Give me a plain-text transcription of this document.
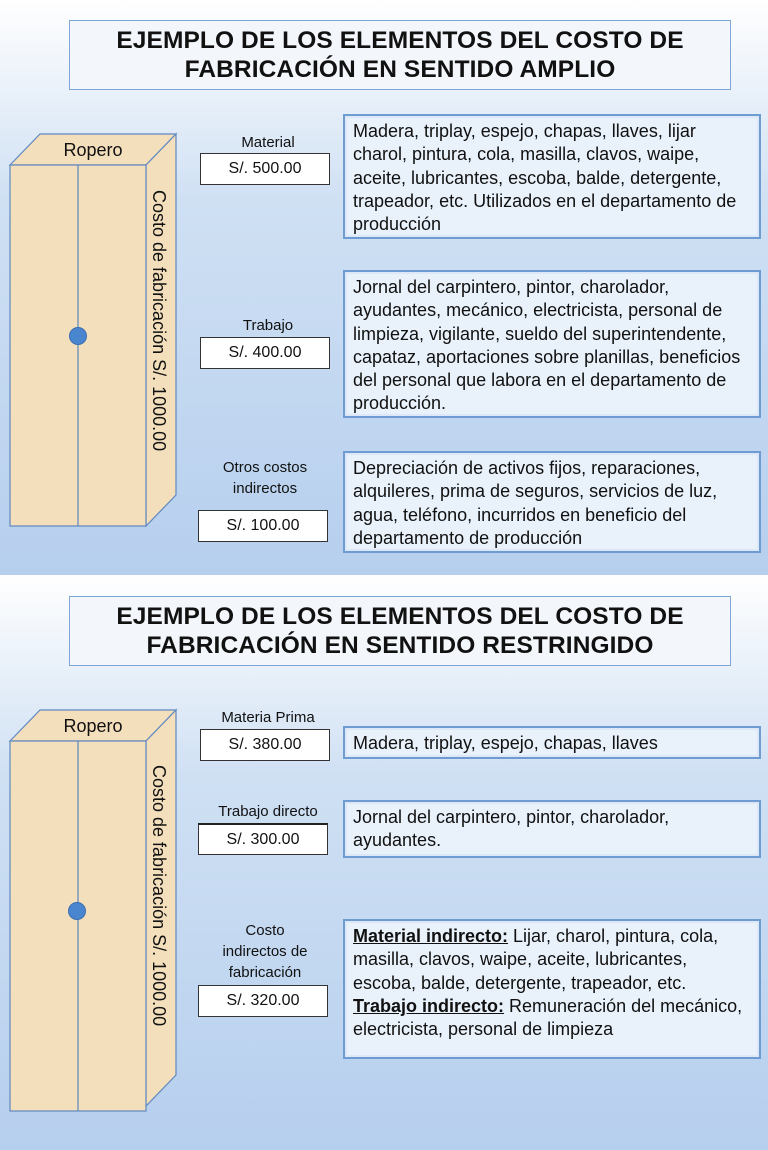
EJEMPLO DE LOS ELEMENTOS DEL COSTO DE
FABRICACIÓN EN SENTIDO AMPLIO
Ropero
Costo de fabricación S/. 1000.00
Material
S/. 500.00
Madera, triplay, espejo, chapas, llaves, lijar charol, pintura, cola, masilla, clavos, waipe, aceite, lubricantes, escoba, balde, detergente, trapeador, etc. Utilizados en el departamento de producción
Trabajo
S/. 400.00
Jornal del carpintero, pintor, charolador, ayudantes, mecánico, electricista, personal de limpieza, vigilante, sueldo del superintendente, capataz, aportaciones sobre planillas, beneficios del personal que labora en el departamento de producción.
Otros costos
indirectos
S/. 100.00
Depreciación de activos fijos, reparaciones, alquileres, prima de seguros, servicios de luz, agua, teléfono, incurridos en beneficio del departamento de producción
EJEMPLO DE LOS ELEMENTOS DEL COSTO DE
FABRICACIÓN EN SENTIDO RESTRINGIDO
Ropero
Costo de fabricación S/. 1000.00
Materia Prima
S/. 380.00	Madera, triplay, espejo, chapas, llaves
Trabajo directo
S/. 300.00
Jornal del carpintero, pintor, charolador, ayudantes.
Costo
indirectos de
fabricación
S/. 320.00
Material indirecto: Lijar, charol, pintura, cola, masilla, clavos, waipe, aceite, lubricantes, escoba, balde, detergente, trapeador, etc.
Trabajo indirecto: Remuneración del mecánico, electricista, personal de limpieza
